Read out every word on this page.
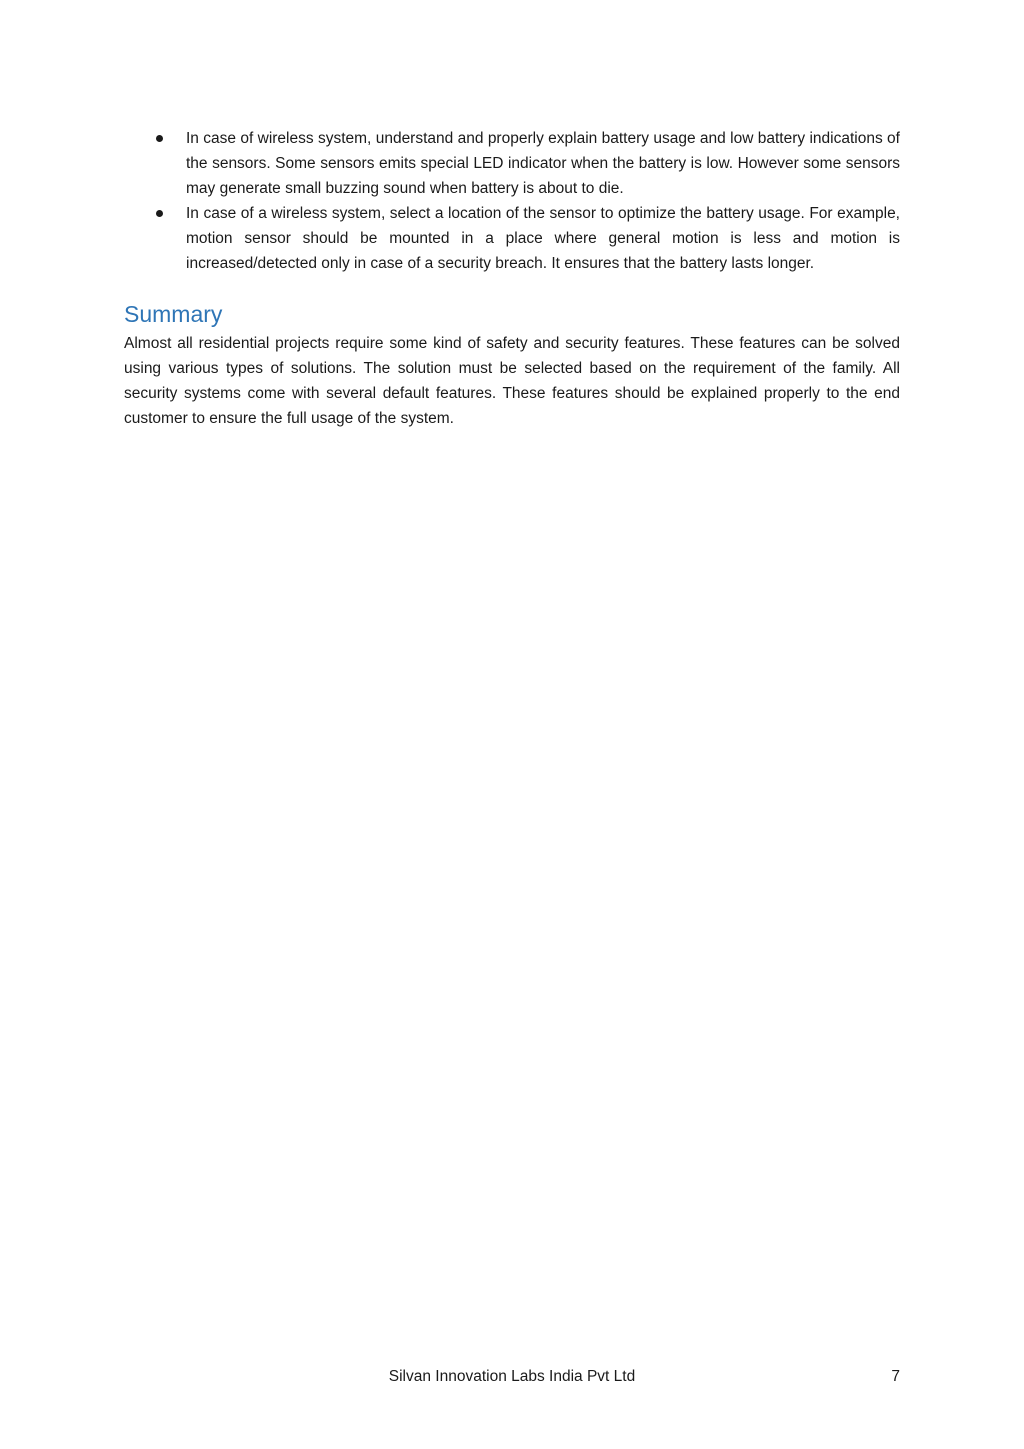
In case of wireless system, understand and properly explain battery usage and low battery indications of the sensors. Some sensors emits special LED indicator when the battery is low. However some sensors may generate small buzzing sound when battery is about to die.
In case of a wireless system, select a location of the sensor to optimize the battery usage. For example, motion sensor should be mounted in a place where general motion is less and motion is increased/detected only in case of a security breach. It ensures that the battery lasts longer.
Summary

Almost all residential projects require some kind of safety and security features. These features can be solved using various types of solutions. The solution must be selected based on the requirement of the family. All security systems come with several default features. These features should be explained properly to the end customer to ensure the full usage of the system.

Silvan Innovation Labs India Pvt Ltd	7
